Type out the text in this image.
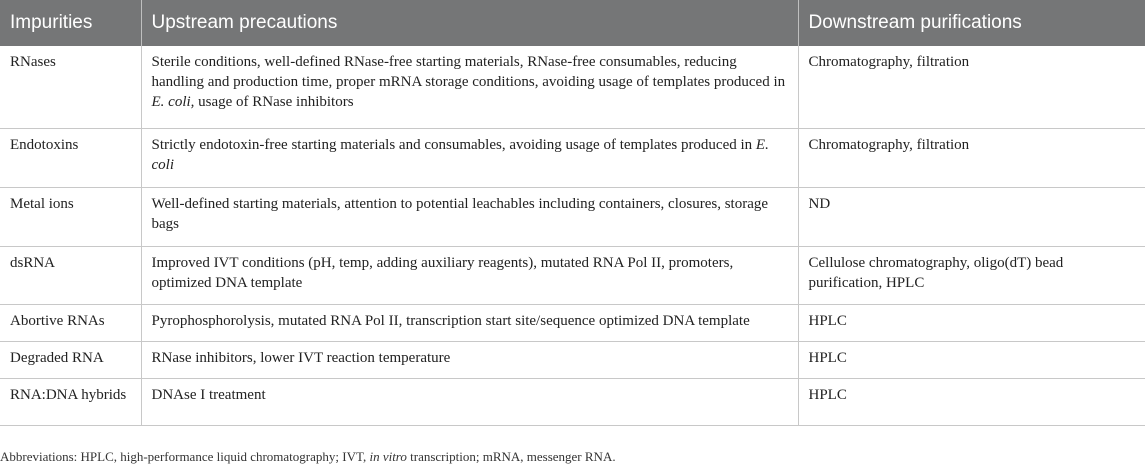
Impurities	Upstream precautions	Downstream purifications
RNases	Sterile conditions, well-defined RNase-free starting materials, RNase-free consumables, reducing handling and production time, proper mRNA storage conditions, avoiding usage of templates produced in E. coli, usage of RNase inhibitors	Chromatography, filtration
Endotoxins	Strictly endotoxin-free starting materials and consumables, avoiding usage of templates produced in E. coli	Chromatography, filtration
Metal ions	Well-defined starting materials, attention to potential leachables including containers, closures, storage bags	ND
dsRNA	Improved IVT conditions (pH, temp, adding auxiliary reagents), mutated RNA Pol II, promoters, optimized DNA template	Cellulose chromatography, oligo(dT) bead purification, HPLC
Abortive RNAs	Pyrophosphorolysis, mutated RNA Pol II, transcription start site/sequence optimized DNA template	HPLC
Degraded RNA	RNase inhibitors, lower IVT reaction temperature	HPLC
RNA:DNA hybrids	DNAse I treatment	HPLC
Abbreviations: HPLC, high-performance liquid chromatography; IVT, in vitro transcription; mRNA, messenger RNA.
